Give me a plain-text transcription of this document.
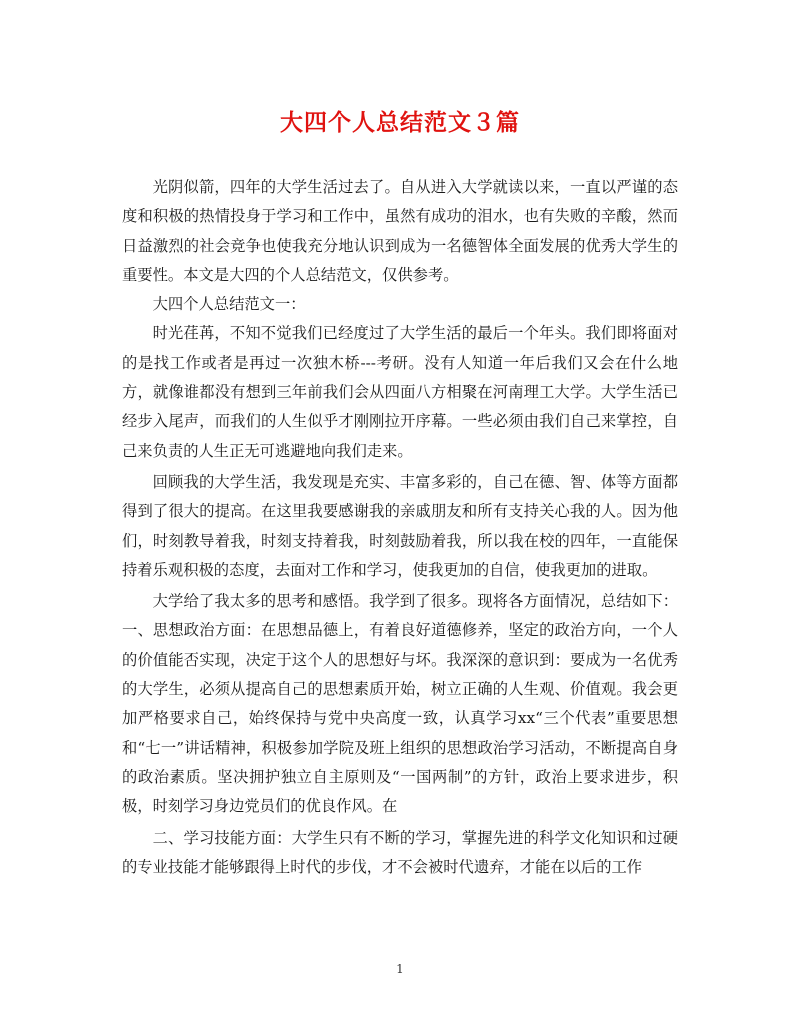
大四个人总结范文３篇

光阴似箭，四年的大学生活过去了。自从进入大学就读以来，一直以严谨的态度和积极的热情投身于学习和工作中，虽然有成功的泪水，也有失败的辛酸，然而日益激烈的社会竞争也使我充分地认识到成为一名德智体全面发展的优秀大学生的重要性。本文是大四的个人总结范文，仅供参考。

大四个人总结范文一：

时光荏苒，不知不觉我们已经度过了大学生活的最后一个年头。我们即将面对的是找工作或者是再过一次独木桥---考研。没有人知道一年后我们又会在什么地方，就像谁都没有想到三年前我们会从四面八方相聚在河南理工大学。大学生活已经步入尾声，而我们的人生似乎才刚刚拉开序幕。一些必须由我们自己来掌控，自己来负责的人生正无可逃避地向我们走来。

回顾我的大学生活，我发现是充实、丰富多彩的，自己在德、智、体等方面都得到了很大的提高。在这里我要感谢我的亲戚朋友和所有支持关心我的人。因为他们，时刻教导着我，时刻支持着我，时刻鼓励着我，所以我在校的四年，一直能保持着乐观积极的态度，去面对工作和学习，使我更加的自信，使我更加的进取。

大学给了我太多的思考和感悟。我学到了很多。现将各方面情况，总结如下：一、思想政治方面：在思想品德上，有着良好道德修养，坚定的政治方向，一个人的价值能否实现，决定于这个人的思想好与坏。我深深的意识到：要成为一名优秀的大学生，必须从提高自己的思想素质开始，树立正确的人生观、价值观。我会更加严格要求自己，始终保持与党中央高度一致，认真学习xx“三个代表”重要思想和“七一”讲话精神，积极参加学院及班上组织的思想政治学习活动，不断提高自身的政治素质。坚决拥护独立自主原则及“一国两制”的方针，政治上要求进步，积极，时刻学习身边党员们的优良作风。在

二、学习技能方面：大学生只有不断的学习，掌握先进的科学文化知识和过硬的专业技能才能够跟得上时代的步伐，才不会被时代遗弃，才能在以后的工作

1
